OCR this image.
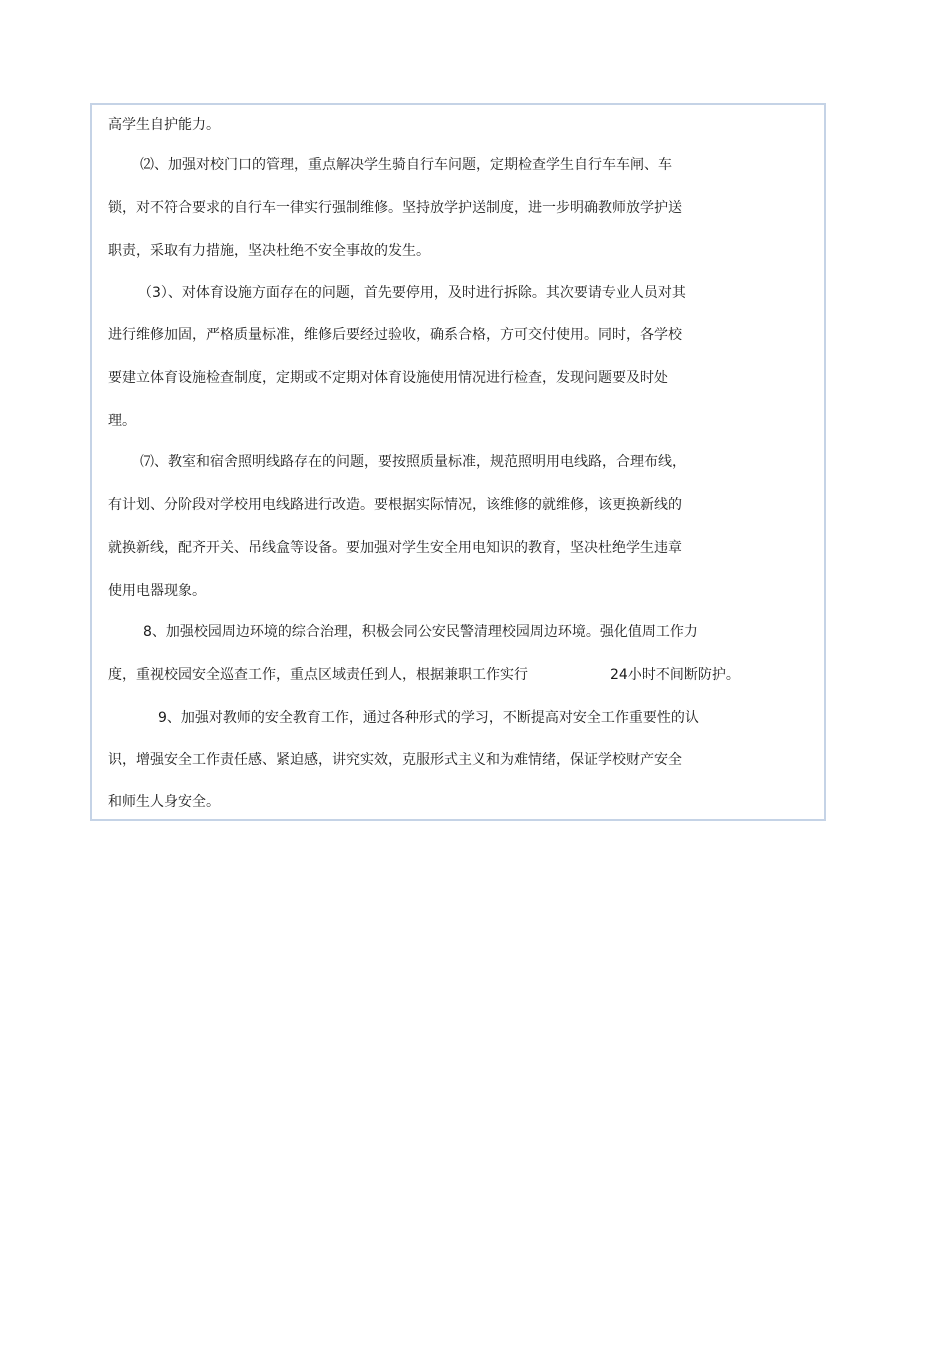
高学生自护能力。
⑵、加强对校门口的管理，重点解决学生骑自行车问题，定期检查学生自行车车闸、车
锁，对不符合要求的自行车一律实行强制维修。坚持放学护送制度，进一步明确教师放学护送
职责，采取有力措施，坚决杜绝不安全事故的发生。
（3）、对体育设施方面存在的问题，首先要停用，及时进行拆除。其次要请专业人员对其
进行维修加固，严格质量标准，维修后要经过验收，确系合格，方可交付使用。同时，各学校
要建立体育设施检查制度，定期或不定期对体育设施使用情况进行检查，发现问题要及时处
理。
⑺、教室和宿舍照明线路存在的问题，要按照质量标准，规范照明用电线路，合理布线，
有计划、分阶段对学校用电线路进行改造。要根据实际情况，该维修的就维修，该更换新线的
就换新线，配齐开关、吊线盒等设备。要加强对学生安全用电知识的教育，坚决杜绝学生违章
使用电器现象。
8、加强校园周边环境的综合治理，积极会同公安民警清理校园周边环境。强化值周工作力
度，重视校园安全巡查工作，重点区域责任到人，根据兼职工作实行	24小时不间断防护。
9、加强对教师的安全教育工作，通过各种形式的学习，不断提高对安全工作重要性的认
识，增强安全工作责任感、紧迫感，讲究实效，克服形式主义和为难情绪，保证学校财产安全
和师生人身安全。
